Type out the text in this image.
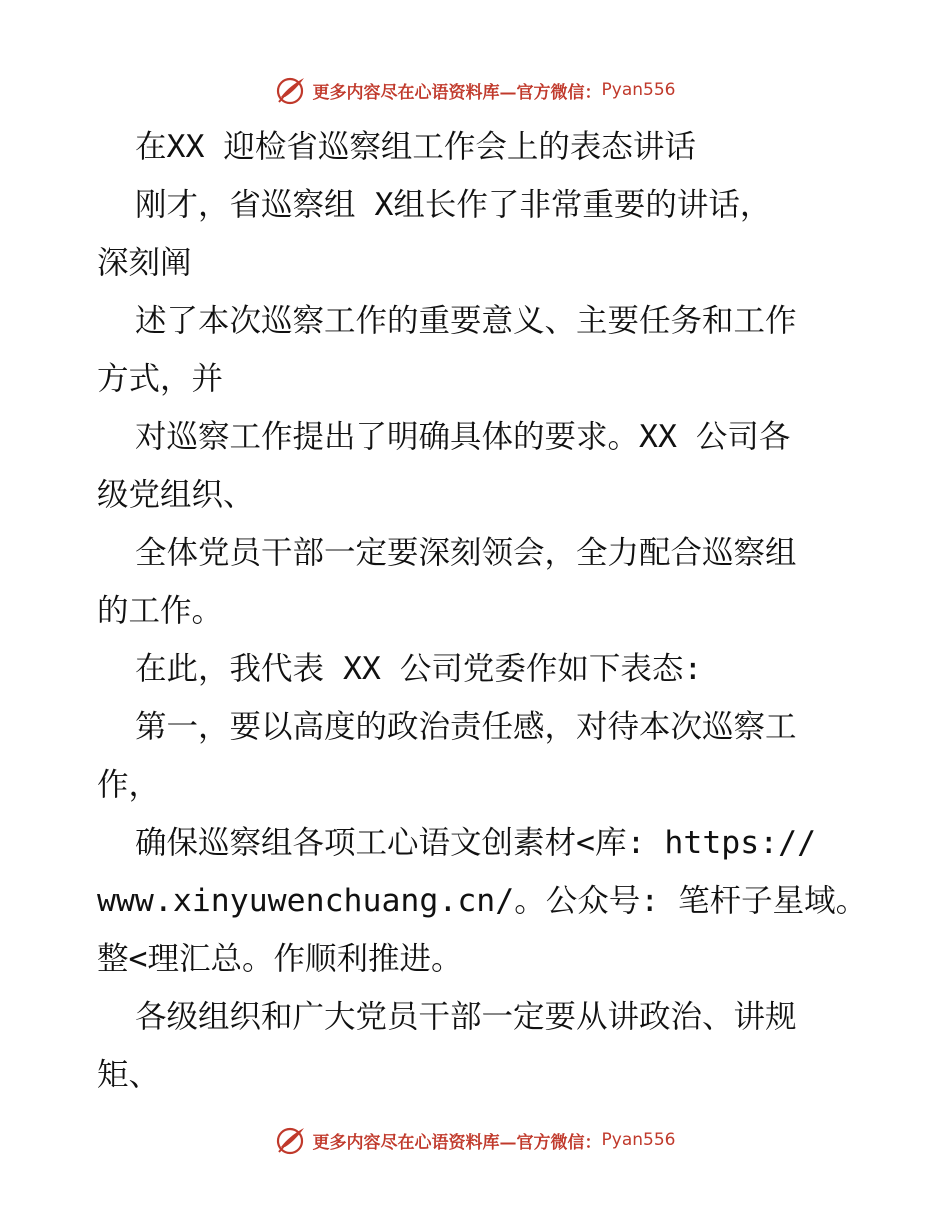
更多内容尽在心语资料库—官方微信： Pyan556
在XX 迎检省巡察组工作会上的表态讲话
刚才，省巡察组 X组长作了非常重要的讲话，
深刻阐
述了本次巡察工作的重要意义、主要任务和工作
方式，并
对巡察工作提出了明确具体的要求。XX 公司各
级党组织、
全体党员干部一定要深刻领会，全力配合巡察组
的工作。
在此，我代表 XX 公司党委作如下表态:
第一，要以高度的政治责任感，对待本次巡察工
作，
确保巡察组各项工心语文创素材<库: https://
www.xinyuwenchuang.cn/。公众号: 笔杆子星域。
整<理汇总。作顺利推进。
各级组织和广大党员干部一定要从讲政治、讲规
矩、
更多内容尽在心语资料库—官方微信： Pyan556
